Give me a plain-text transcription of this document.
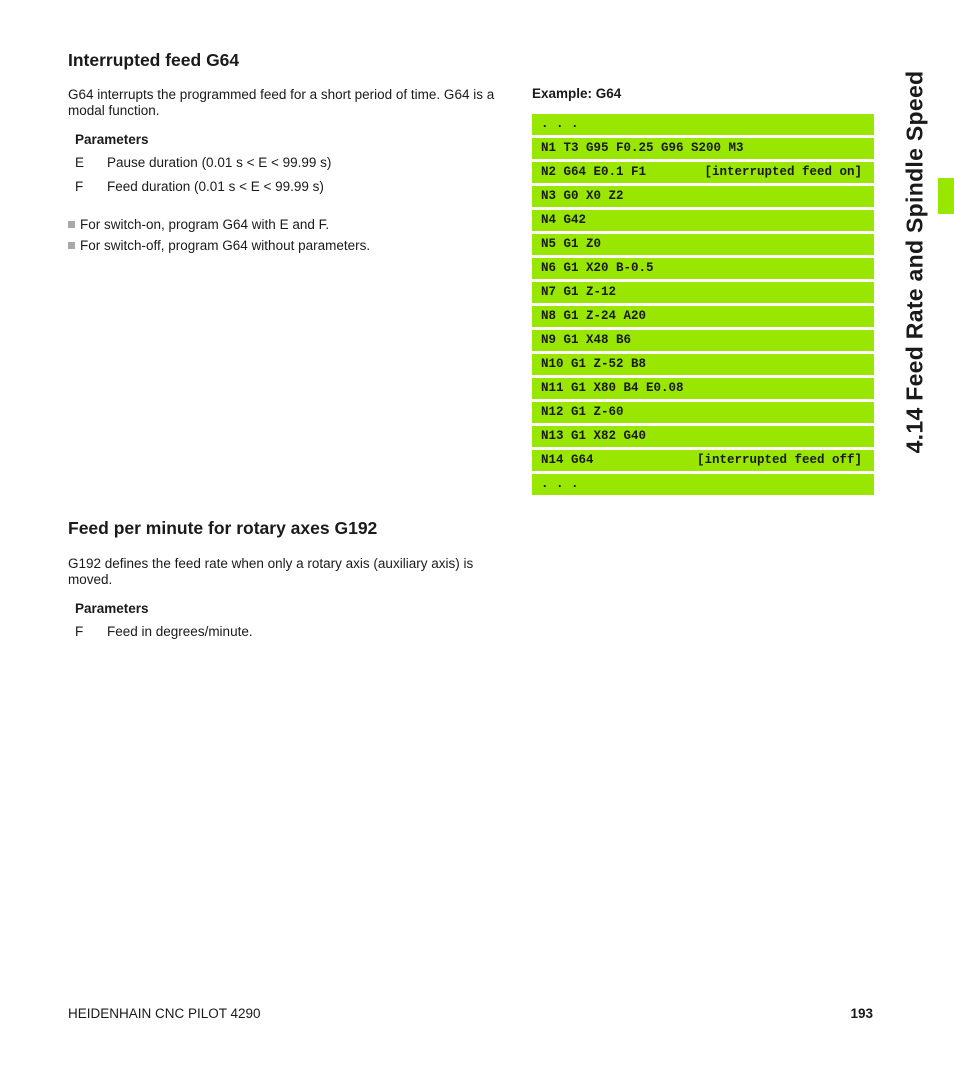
Interrupted feed G64

G64 interrupts the programmed feed for a short period of time. G64 is a modal function.

Parameters
E Pause duration (0.01 s < E < 99.99 s)
F Feed duration (0.01 s < E < 99.99 s)
For switch-on, program G64 with E and F.
For switch-off, program G64 without parameters.
Example: G64
. . .
N1 T3 G95 F0.25 G96 S200 M3
N2 G64 E0.1 F1	[interrupted feed on]
N3 G0 X0 Z2
N4 G42
N5 G1 Z0
N6 G1 X20 B-0.5
N7 G1 Z-12
N8 G1 Z-24 A20
N9 G1 X48 B6
N10 G1 Z-52 B8
N11 G1 X80 B4 E0.08
N12 G1 Z-60
N13 G1 X82 G40
N14 G64	[interrupted feed off]
. . .
Feed per minute for rotary axes G192

G192 defines the feed rate when only a rotary axis (auxiliary axis) is moved.

Parameters
F Feed in degrees/minute.
4.14 Feed Rate and Spindle Speed
HEIDENHAIN CNC PILOT 4290	193
